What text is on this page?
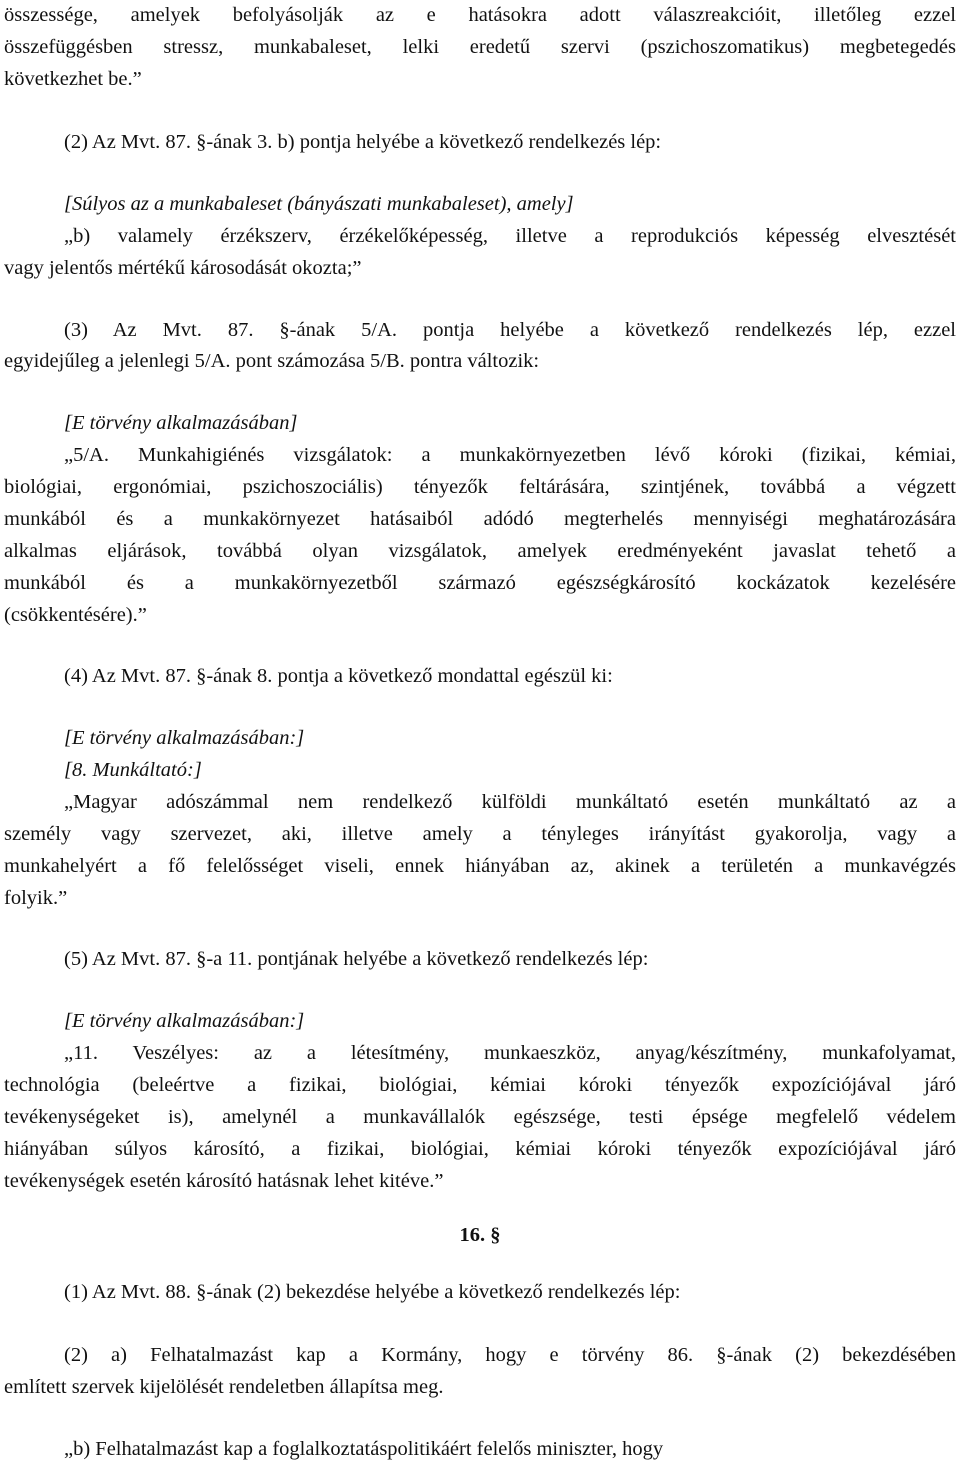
összessége, amelyek befolyásolják az e hatásokra adott válaszreakcióit, illetőleg ezzel
összefüggésben stressz, munkabaleset, lelki eredetű szervi (pszichoszomatikus) megbetegedés
következhet be.”
(2) Az Mvt. 87. §-ának 3. b) pontja helyébe a következő rendelkezés lép:
[Súlyos az a munkabaleset (bányászati munkabaleset), amely]
„b) valamely érzékszerv, érzékelőképesség, illetve a reprodukciós képesség elvesztését
vagy jelentős mértékű károsodását okozta;”
(3) Az Mvt. 87. §-ának 5/A. pontja helyébe a következő rendelkezés lép, ezzel
egyidejűleg a jelenlegi 5/A. pont számozása 5/B. pontra változik:
[E törvény alkalmazásában]
„5/A. Munkahigiénés vizsgálatok: a munkakörnyezetben lévő kóroki (fizikai, kémiai,
biológiai, ergonómiai, pszichoszociális) tényezők feltárására, szintjének, továbbá a végzett
munkából és a munkakörnyezet hatásaiból adódó megterhelés mennyiségi meghatározására
alkalmas eljárások, továbbá olyan vizsgálatok, amelyek eredményeként javaslat tehető a
munkából és a munkakörnyezetből származó egészségkárosító kockázatok kezelésére
(csökkentésére).”
(4) Az Mvt. 87. §-ának 8. pontja a következő mondattal egészül ki:
[E törvény alkalmazásában:]
[8. Munkáltató:]
„Magyar adószámmal nem rendelkező külföldi munkáltató esetén munkáltató az a
személy vagy szervezet, aki, illetve amely a tényleges irányítást gyakorolja, vagy a
munkahelyért a fő felelősséget viseli, ennek hiányában az, akinek a területén a munkavégzés
folyik.”
(5) Az Mvt. 87. §-a 11. pontjának helyébe a következő rendelkezés lép:
[E törvény alkalmazásában:]
„11. Veszélyes: az a létesítmény, munkaeszköz, anyag/készítmény, munkafolyamat,
technológia (beleértve a fizikai, biológiai, kémiai kóroki tényezők expozíciójával járó
tevékenységeket is), amelynél a munkavállalók egészsége, testi épsége megfelelő védelem
hiányában súlyos károsító, a fizikai, biológiai, kémiai kóroki tényezők expozíciójával járó
tevékenységek esetén károsító hatásnak lehet kitéve.”
16. §
(1) Az Mvt. 88. §-ának (2) bekezdése helyébe a következő rendelkezés lép:
(2) a) Felhatalmazást kap a Kormány, hogy e törvény 86. §-ának (2) bekezdésében
említett szervek kijelölését rendeletben állapítsa meg.
„b) Felhatalmazást kap a foglalkoztatáspolitikáért felelős miniszter, hogy
